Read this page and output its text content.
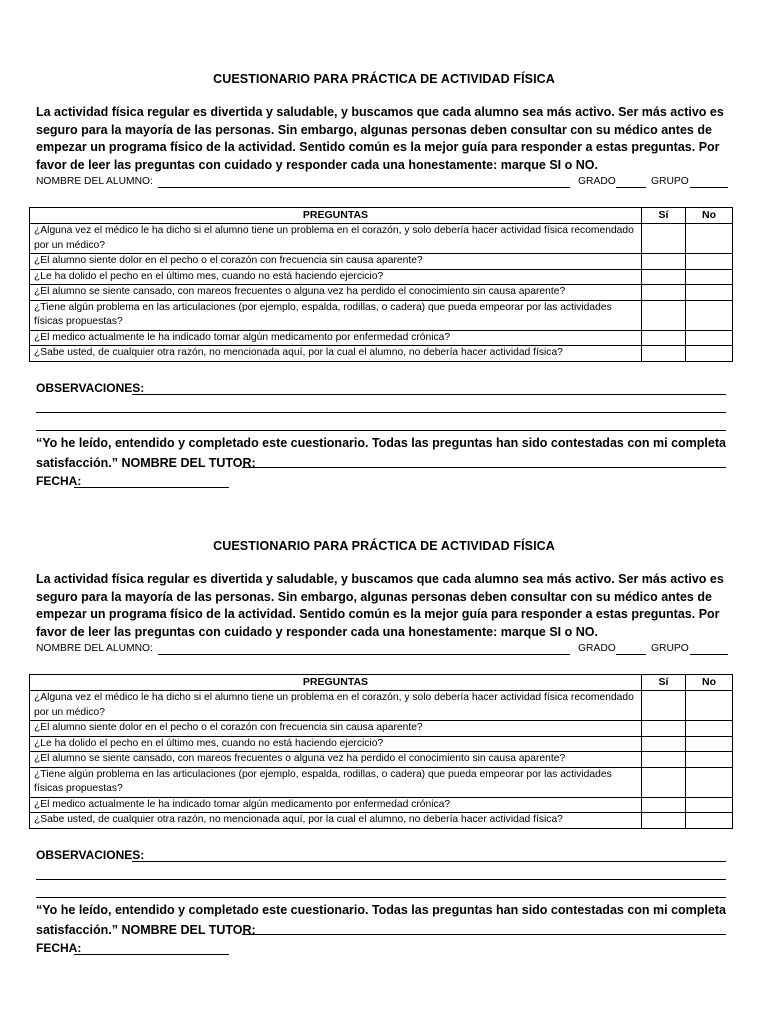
CUESTIONARIO PARA PRÁCTICA DE ACTIVIDAD FÍSICA

La actividad física regular es divertida y saludable, y buscamos que cada alumno sea más activo. Ser más activo es seguro para la mayoría de las personas. Sin embargo, algunas personas deben consultar con su médico antes de empezar un programa físico de la actividad. Sentido común es la mejor guía para responder a estas preguntas. Por favor de leer las preguntas con cuidado y responder cada una honestamente: marque SI o NO.

NOMBRE DEL ALUMNO:	GRADO	GRUPO
PREGUNTAS	Sí	No
¿Alguna vez el médico le ha dicho si el alumno tiene un problema en el corazón, y solo debería hacer actividad física recomendado por un médico?		
¿El alumno siente dolor en el pecho o el corazón con frecuencia sin causa aparente?		
¿Le ha dolido el pecho en el último mes, cuando no está haciendo ejercicio?		
¿El alumno se siente cansado, con mareos frecuentes o alguna vez ha perdido el conocimiento sin causa aparente?		
¿Tiene algún problema en las articulaciones (por ejemplo, espalda, rodillas, o cadera) que pueda empeorar por las actividades físicas propuestas?		
¿El medico actualmente le ha indicado tomar algún medicamento por enfermedad crónica?		
¿Sabe usted, de cualquier otra razón, no mencionada aquí, por la cual el alumno, no debería hacer actividad física?		
OBSERVACIONES:

“Yo he leído, entendido y completado este cuestionario. Todas las preguntas han sido contestadas con mi completa satisfacción.” NOMBRE DEL TUTOR:

FECHA:
CUESTIONARIO PARA PRÁCTICA DE ACTIVIDAD FÍSICA

La actividad física regular es divertida y saludable, y buscamos que cada alumno sea más activo. Ser más activo es seguro para la mayoría de las personas. Sin embargo, algunas personas deben consultar con su médico antes de empezar un programa físico de la actividad. Sentido común es la mejor guía para responder a estas preguntas. Por favor de leer las preguntas con cuidado y responder cada una honestamente: marque SI o NO.

NOMBRE DEL ALUMNO:	GRADO	GRUPO
PREGUNTAS	Sí	No
¿Alguna vez el médico le ha dicho si el alumno tiene un problema en el corazón, y solo debería hacer actividad física recomendado por un médico?		
¿El alumno siente dolor en el pecho o el corazón con frecuencia sin causa aparente?		
¿Le ha dolido el pecho en el último mes, cuando no está haciendo ejercicio?		
¿El alumno se siente cansado, con mareos frecuentes o alguna vez ha perdido el conocimiento sin causa aparente?		
¿Tiene algún problema en las articulaciones (por ejemplo, espalda, rodillas, o cadera) que pueda empeorar por las actividades físicas propuestas?		
¿El medico actualmente le ha indicado tomar algún medicamento por enfermedad crónica?		
¿Sabe usted, de cualquier otra razón, no mencionada aquí, por la cual el alumno, no debería hacer actividad física?		
OBSERVACIONES:

“Yo he leído, entendido y completado este cuestionario. Todas las preguntas han sido contestadas con mi completa satisfacción.” NOMBRE DEL TUTOR:

FECHA:
